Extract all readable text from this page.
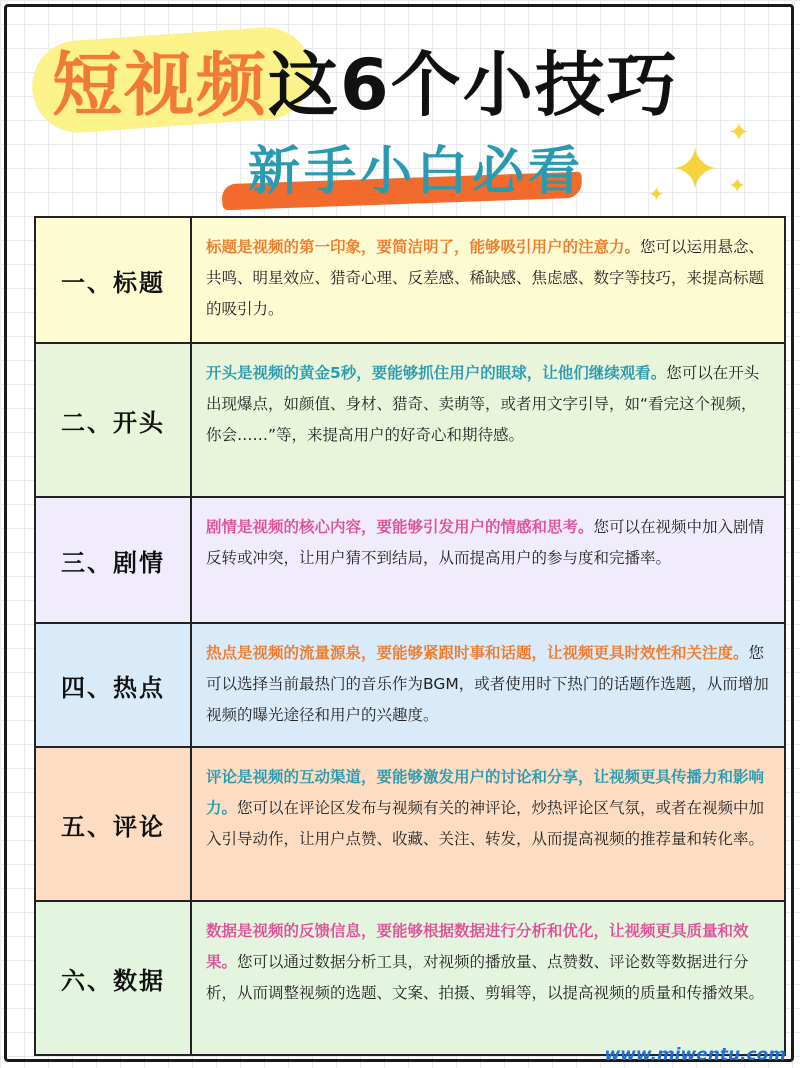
短视频这6个小技巧
新手小白必看 ✦
✦
✦
✦
一、标题
标题是视频的第一印象，要简洁明了，能够吸引用户的注意力。您可以运用悬念、共鸣、明星效应、猎奇心理、反差感、稀缺感、焦虑感、数字等技巧，来提高标题的吸引力。
二、开头
开头是视频的黄金5秒，要能够抓住用户的眼球，让他们继续观看。您可以在开头出现爆点，如颜值、身材、猎奇、卖萌等，或者用文字引导，如“看完这个视频，你会……”等，来提高用户的好奇心和期待感。
三、剧情
剧情是视频的核心内容，要能够引发用户的情感和思考。您可以在视频中加入剧情反转或冲突，让用户猜不到结局，从而提高用户的参与度和完播率。
四、热点
热点是视频的流量源泉，要能够紧跟时事和话题，让视频更具时效性和关注度。您可以选择当前最热门的音乐作为BGM，或者使用时下热门的话题作选题，从而增加视频的曝光途径和用户的兴趣度。
五、评论
评论是视频的互动渠道，要能够激发用户的讨论和分享，让视频更具传播力和影响力。您可以在评论区发布与视频有关的神评论，炒热评论区气氛，或者在视频中加入引导动作，让用户点赞、收藏、关注、转发，从而提高视频的推荐量和转化率。
六、数据
数据是视频的反馈信息，要能够根据数据进行分析和优化，让视频更具质量和效果。您可以通过数据分析工具，对视频的播放量、点赞数、评论数等数据进行分析，从而调整视频的选题、文案、拍摄、剪辑等，以提高视频的质量和传播效果。

www.miwentu.com
